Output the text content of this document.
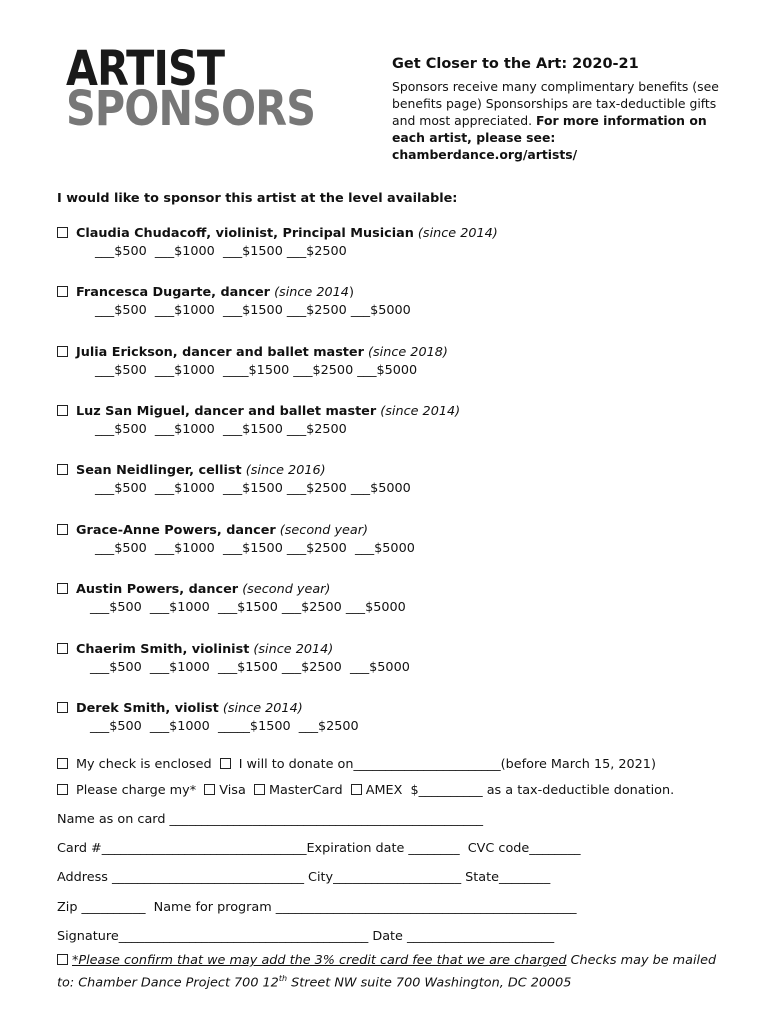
ARTIST
SPONSORS
Get Closer to the Art: 2020-21

Sponsors receive many complimentary benefits (see benefits page) Sponsorships are tax-deductible gifts and most appreciated. For more information on each artist, please see: chamberdance.org/artists/

I would like to sponsor this artist at the level available:
Claudia Chudacoff, violinist, Principal Musician (since 2014)
___$500  ___$1000  ___$1500 ___$2500
Francesca Dugarte, dancer (since 2014)
___$500  ___$1000  ___$1500 ___$2500 ___$5000
Julia Erickson, dancer and ballet master (since 2018)
___$500  ___$1000  ____$1500 ___$2500 ___$5000
Luz San Miguel, dancer and ballet master (since 2014)
___$500  ___$1000  ___$1500 ___$2500
Sean Neidlinger, cellist (since 2016)
___$500  ___$1000  ___$1500 ___$2500 ___$5000
Grace-Anne Powers, dancer (second year)
___$500  ___$1000  ___$1500 ___$2500  ___$5000
Austin Powers, dancer (second year)
___$500  ___$1000  ___$1500 ___$2500 ___$5000
Chaerim Smith, violinist (since 2014)
___$500  ___$1000  ___$1500 ___$2500  ___$5000
Derek Smith, violist (since 2014)
___$500  ___$1000  _____$1500  ___$2500
My check is enclosed I will to donate on_______________________(before March 15, 2021)
Please charge my* Visa MasterCard AMEX  $__________ as a tax-deductible donation.
Name as on card _________________________________________________
Card #________________________________Expiration date ________  CVC code________
Address ______________________________ City____________________ State________
Zip __________  Name for program _______________________________________________
Signature_______________________________________ Date _______________________
*Please confirm that we may add the 3% credit card fee that we are charged Checks may be mailed to: Chamber Dance Project 700 12th Street NW suite 700 Washington, DC 20005
